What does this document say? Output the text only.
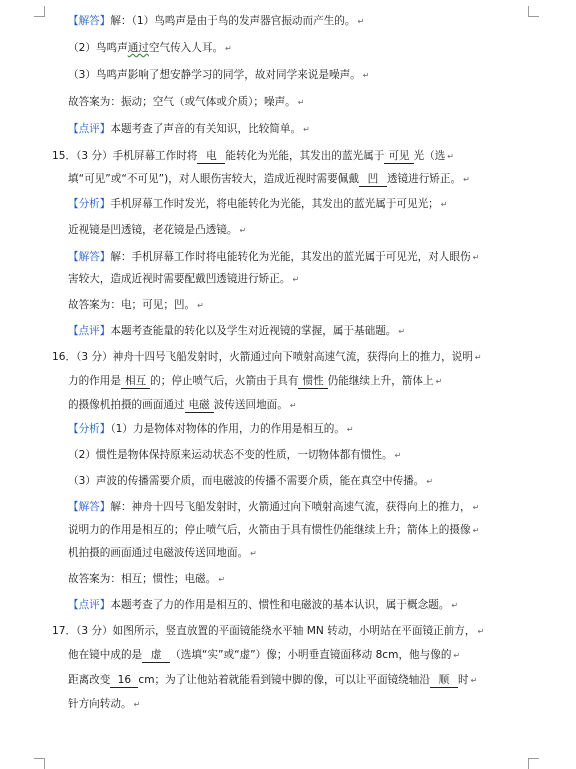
【解答】解：（1）鸟鸣声是由于鸟的发声器官振动而产生的。 ↵
（2）鸟鸣声通过空气传入人耳。 ↵
（3）鸟鸣声影响了想安静学习的同学，故对同学来说是噪声。 ↵
故答案为：振动；空气（或气体或介质）；噪声。 ↵
【点评】本题考查了声音的有关知识，比较简单。 ↵
15．（3 分）手机屏幕工作时将 电 能转化为光能，其发出的蓝光属于 可见 光（选 ↵
填“可见”或“不可见”)，对人眼伤害较大，造成近视时需要佩戴 凹 透镜进行矫正。 ↵
【分析】手机屏幕工作时发光，将电能转化为光能，其发出的蓝光属于可见光； ↵
近视镜是凹透镜，老花镜是凸透镜。 ↵
【解答】解：手机屏幕工作时将电能转化为光能，其发出的蓝光属于可见光，对人眼伤 ↵
害较大，造成近视时需要配戴凹透镜进行矫正。 ↵
故答案为：电；可见；凹。 ↵
【点评】本题考查能量的转化以及学生对近视镜的掌握，属于基础题。 ↵
16．（3 分）神舟十四号飞船发射时，火箭通过向下喷射高速气流，获得向上的推力，说明 ↵
力的作用是 相互 的；停止喷气后，火箭由于具有 惯性 仍能继续上升，箭体上 ↵
的摄像机拍摄的画面通过 电磁 波传送回地面。 ↵
【分析】（1）力是物体对物体的作用，力的作用是相互的。 ↵
（2）惯性是物体保持原来运动状态不变的性质，一切物体都有惯性。 ↵
（3）声波的传播需要介质，而电磁波的传播不需要介质，能在真空中传播。 ↵
【解答】解：神舟十四号飞船发射时，火箭通过向下喷射高速气流，获得向上的推力， ↵
说明力的作用是相互的；停止喷气后，火箭由于具有惯性仍能继续上升；箭体上的摄像 ↵
机拍摄的画面通过电磁波传送回地面。 ↵
故答案为：相互；惯性；电磁。 ↵
【点评】本题考查了力的作用是相互的、惯性和电磁波的基本认识，属于概念题。 ↵
17．（3 分）如图所示，竖直放置的平面镜能绕水平轴 MN 转动，小明站在平面镜正前方， ↵
他在镜中成的是 虚 （选填“实”或“虚”）像；小明垂直镜面移动 8cm，他与像的 ↵
距离改变 16 cm；为了让他站着就能看到镜中脚的像，可以让平面镜绕轴沿 顺 时 ↵
针方向转动。 ↵
